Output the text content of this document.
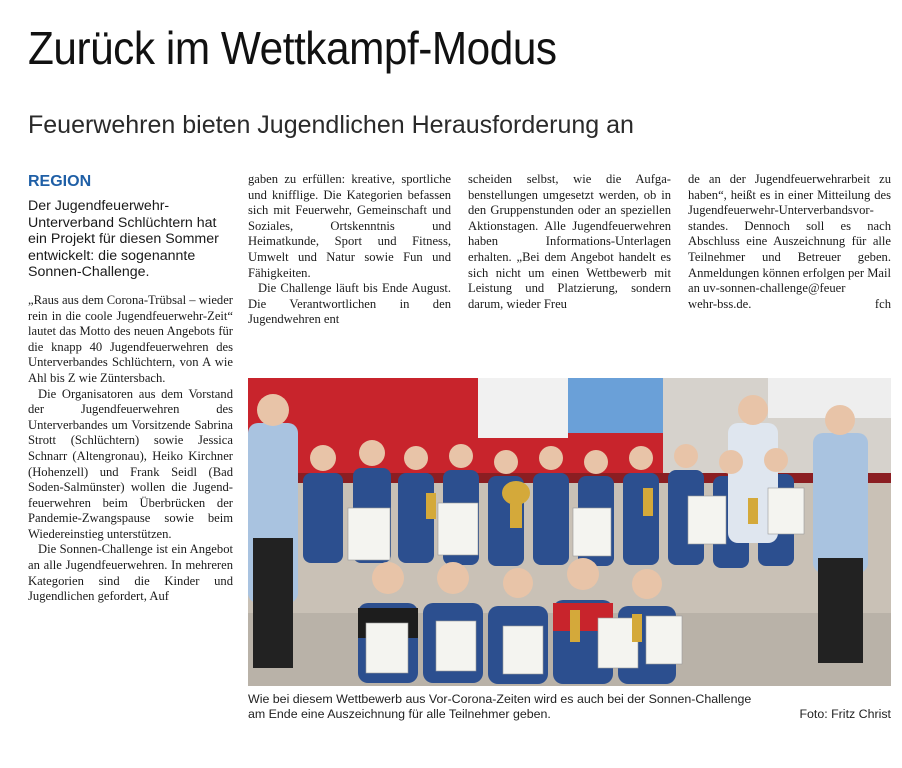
Zurück im Wettkampf-Modus
Feuerwehren bieten Jugendlichen Herausforderung an
REGION
Der Jugendfeuerwehr-Unterverband Schlüchtern hat ein Projekt für diesen Sommer entwickelt: die sogenannte Sonnen-Challenge.

„Raus aus dem Corona-Trübsal – wieder rein in die coole Jugendfeuerwehr-Zeit“ lautet das Motto des neuen Angebots für die knapp 40 Jugendfeuerwehren des Unterverbandes Schlüchtern, von A wie Ahl bis Z wie Züntersbach.

Die Organisatoren aus dem Vorstand der Jugendfeuerwehren des Unterverbandes um Vorsitzende Sabrina Strott (Schlüchtern) sowie Jessica Schnarr (Altengronau), Heiko Kirchner (Hohenzell) und Frank Seidl (Bad Soden-Salmünster) wollen die Jugendfeuerwehren beim Überbrücken der Pandemie-Zwangspause sowie beim Wiedereinstieg unterstützen.

Die Sonnen-Challenge ist ein Angebot an alle Jugendfeuerwehren. In mehreren Kategorien sind die Kinder und Jugendlichen gefordert, Auf

gaben zu erfüllen: kreative, sportliche und knifflige. Die Kategorien befassen sich mit Feuerwehr, Gemeinschaft und Soziales, Ortskenntnis und Heimatkunde, Sport und Fitness, Umwelt und Natur sowie Fun und Fähigkeiten.

Die Challenge läuft bis Ende August. Die Verantwortlichen in den Jugendwehren ent

scheiden selbst, wie die Aufgabenstellungen umgesetzt werden, ob in den Gruppenstunden oder an speziellen Aktionstagen. Alle Jugendfeuerwehren haben Informations-Unterlagen erhalten. „Bei dem Angebot handelt es sich nicht um einen Wettbewerb mit Leistung und Platzierung, sondern darum, wieder Freu

de an der Jugendfeuerwehrarbeit zu haben“, heißt es in einer Mitteilung des Jugendfeuerwehr-Unterverbandsvorstandes. Dennoch soll es nach Abschluss eine Auszeichnung für alle Teilnehmer und Betreuer geben. Anmeldungen können erfolgen per Mail an uv-sonnen-challenge@feuer

wehr-bss.de.	fch
Wie bei diesem Wettbewerb aus Vor-Corona-Zeiten wird es auch bei der Sonnen-Challenge
am Ende eine Auszeichnung für alle Teilnehmer geben.	Foto: Fritz Christ
